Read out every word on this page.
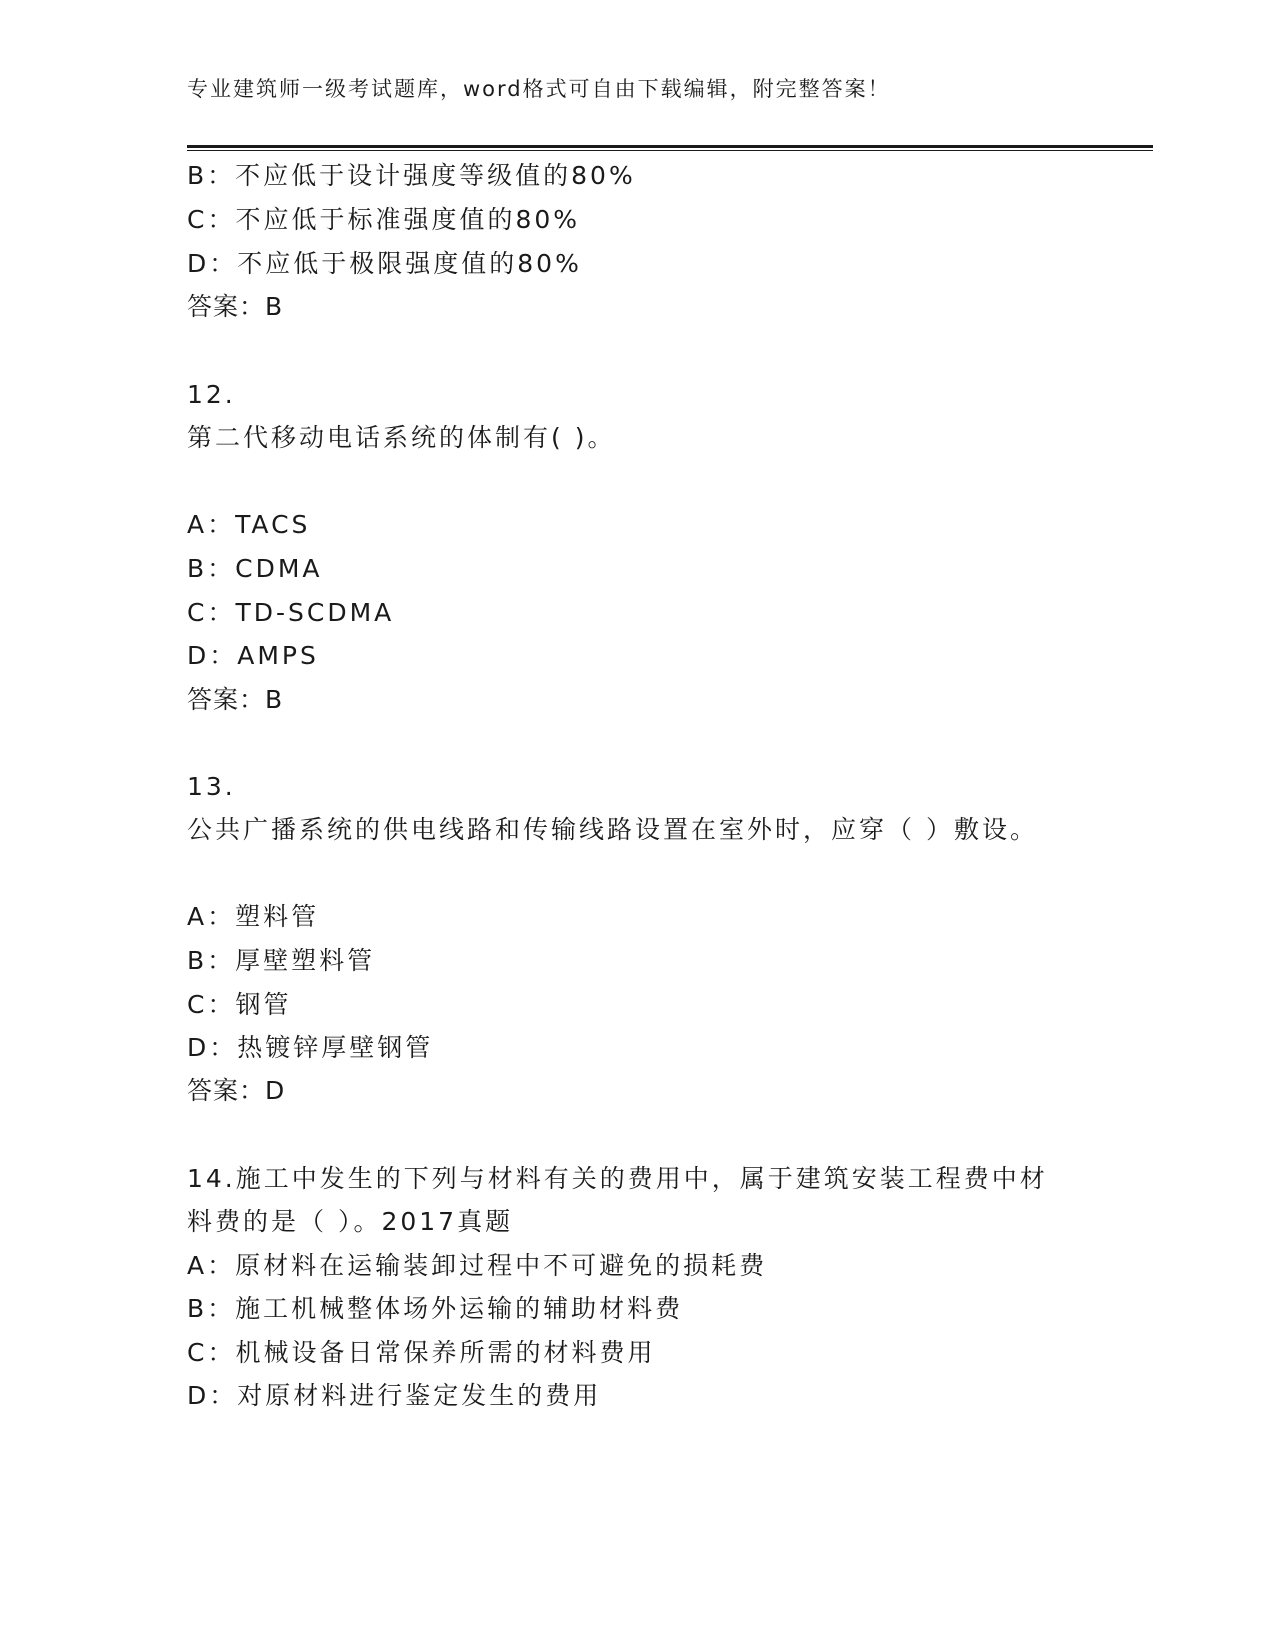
专业建筑师一级考试题库，word格式可自由下载编辑，附完整答案！
B：不应低于设计强度等级值的80%
C：不应低于标准强度值的80%
D：不应低于极限强度值的80%
答案：B
12.
第二代移动电话系统的体制有( )。
A：TACS
B：CDMA
C：TD-SCDMA
D：AMPS
答案：B
13.
公共广播系统的供电线路和传输线路设置在室外时，应穿（ ）敷设。
A：塑料管
B：厚壁塑料管
C：钢管
D：热镀锌厚壁钢管
答案：D
14.施工中发生的下列与材料有关的费用中，属于建筑安装工程费中材
料费的是（ ）。2017真题
A：原材料在运输装卸过程中不可避免的损耗费
B：施工机械整体场外运输的辅助材料费
C：机械设备日常保养所需的材料费用
D：对原材料进行鉴定发生的费用
